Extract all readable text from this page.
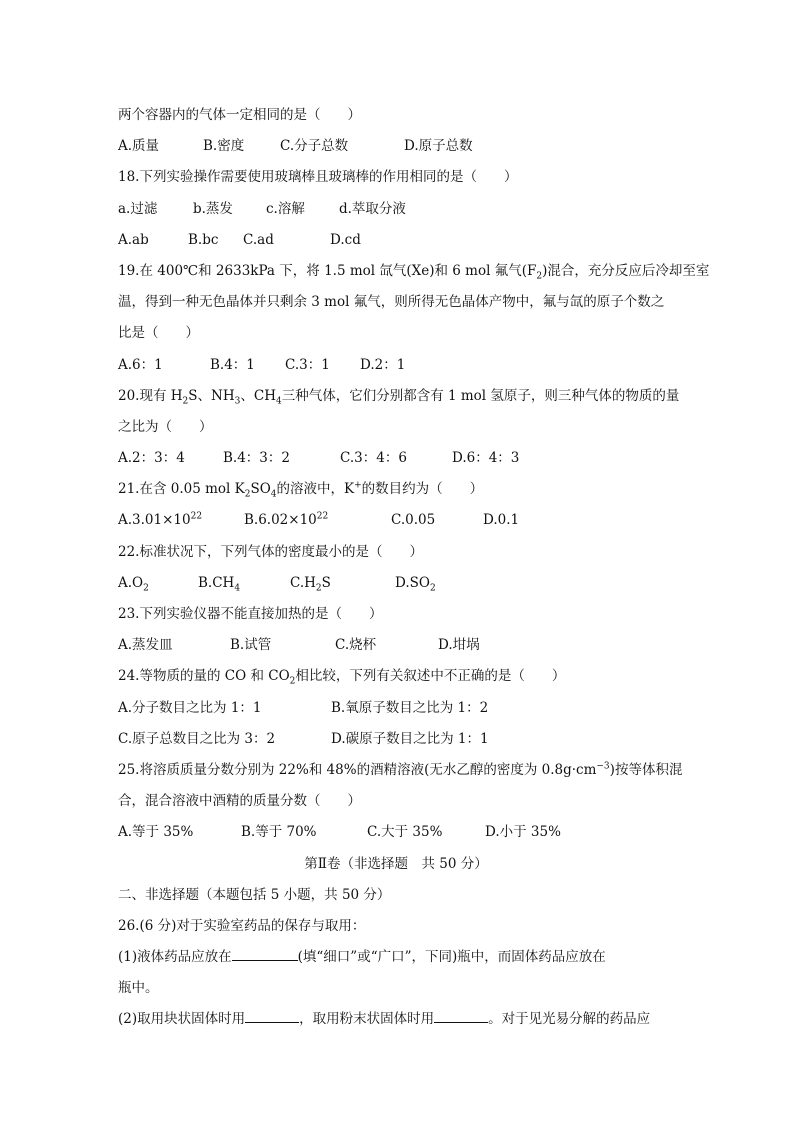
两个容器内的气体一定相同的是（　　）
A.质量	B.密度	C.分子总数	D.原子总数
18.下列实验操作需要使用玻璃棒且玻璃棒的作用相同的是（　　）
a.过滤	b.蒸发	c.溶解	d.萃取分液
A.ab	B.bc	C.ad	D.cd
19.在 400℃和 2633kPa 下，将 1.5 mol 氙气(Xe)和 6 mol 氟气$(F_2)$混合，充分反应后冷却至室
温，得到一种无色晶体并只剩余 3 mol 氟气，则所得无色晶体产物中，氟与氙的原子个数之
比是（　　）
A.6：1	B.4：1	C.3：1	D.2：1
20.现有 $H_2S$、$NH_3$、$CH_4$三种气体，它们分别都含有 1 mol 氢原子，则三种气体的物质的量
之比为（　　）
A.2：3：4	B.4：3：2	C.3：4：6	D.6：4：3
21.在含 0.05 mol $K_2SO_4$的溶液中，K+的数目约为（　　）
$A.3.01\times 10^{22}$	$B.6.02\times 10^{22}$	C.0.05	D.0.1
22.标准状况下，下列气体的密度最小的是（　　）
$A.O_2$	$B.CH_4$	$C.H_2S$	$D.SO_2$
23.下列实验仪器不能直接加热的是（　　）
A.蒸发皿	B.试管	C.烧杯	D.坩埚
24.等物质的量的 CO 和 $CO_2$相比较，下列有关叙述中不正确的是（　　）
A.分子数目之比为 1：1	B.氧原子数目之比为 1：2
C.原子总数目之比为 3：2	D.碳原子数目之比为 1：1
25.将溶质质量分数分别为 22%和 48%的酒精溶液(无水乙醇的密度为 $0.8g\cdot cm^{-3}$)按等体积混
合，混合溶液中酒精的质量分数（　　）
A.等于 35%	B.等于 70%	C.大于 35%	D.小于 35%
第Ⅱ卷（非选择题　共 50 分）
二、非选择题（本题包括 5 小题，共 50 分）
26.(6 分)对于实验室药品的保存与取用：
(1)液体药品应放在	(填“细口”或“广口”，下同)瓶中，而固体药品应放在
瓶中。
(2)取用块状固体时用	，取用粉末状固体时用	。对于见光易分解的药品应
